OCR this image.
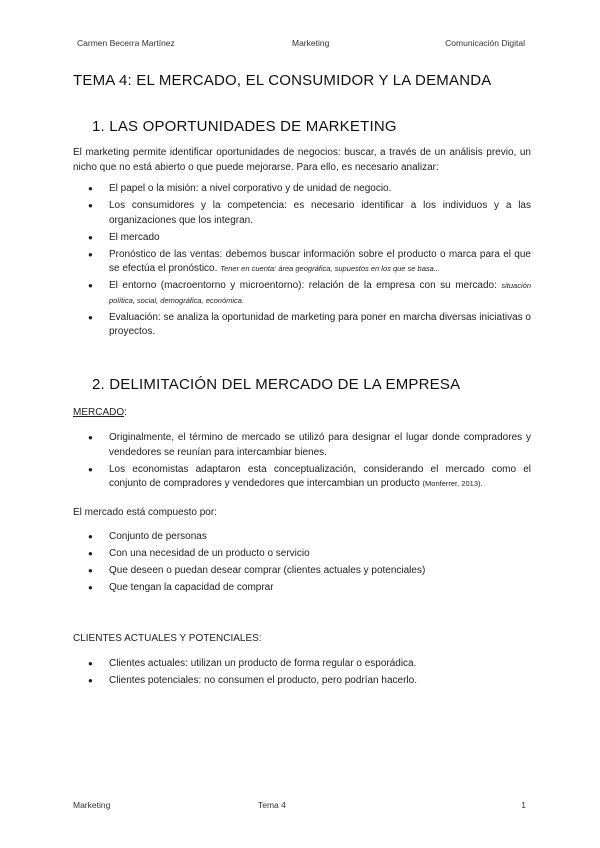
Carmen Becerra Martínez	Marketing	Comunicación Digital
TEMA 4: EL MERCADO, EL CONSUMIDOR Y LA DEMANDA
1. LAS OPORTUNIDADES DE MARKETING
El marketing permite identificar oportunidades de negocios: buscar, a través de un análisis previo, un nicho que no está abierto o que puede mejorarse. Para ello, es necesario analizar:
● El papel o la misión: a nivel corporativo y de unidad de negocio.
● Los consumidores y la competencia: es necesario identificar a los individuos y a las organizaciones que los integran.
● El mercado
● Pronóstico de las ventas: debemos buscar información sobre el producto o marca para el que se efectúa el pronóstico. Tener en cuenta: área geográfica, supuestos en los que se basa...
● El entorno (macroentorno y microentorno): relación de la empresa con su mercado: situación política, social, demográfica, económica.
● Evaluación: se analiza la oportunidad de marketing para poner en marcha diversas iniciativas o proyectos.
2. DELIMITACIÓN DEL MERCADO DE LA EMPRESA
MERCADO:
● Originalmente, el término de mercado se utilizó para designar el lugar donde compradores y vendedores se reunían para intercambiar bienes.
● Los economistas adaptaron esta conceptualización, considerando el mercado como el conjunto de compradores y vendedores que intercambian un producto (Monferrer, 2013).
El mercado está compuesto por:
● Conjunto de personas
● Con una necesidad de un producto o servicio
● Que deseen o puedan desear comprar (clientes actuales y potenciales)
● Que tengan la capacidad de comprar
CLIENTES ACTUALES Y POTENCIALES:
● Clientes actuales: utilizan un producto de forma regular o esporádica.
● Clientes potenciales: no consumen el producto, pero podrían hacerlo.
Marketing	Tema 4	1
